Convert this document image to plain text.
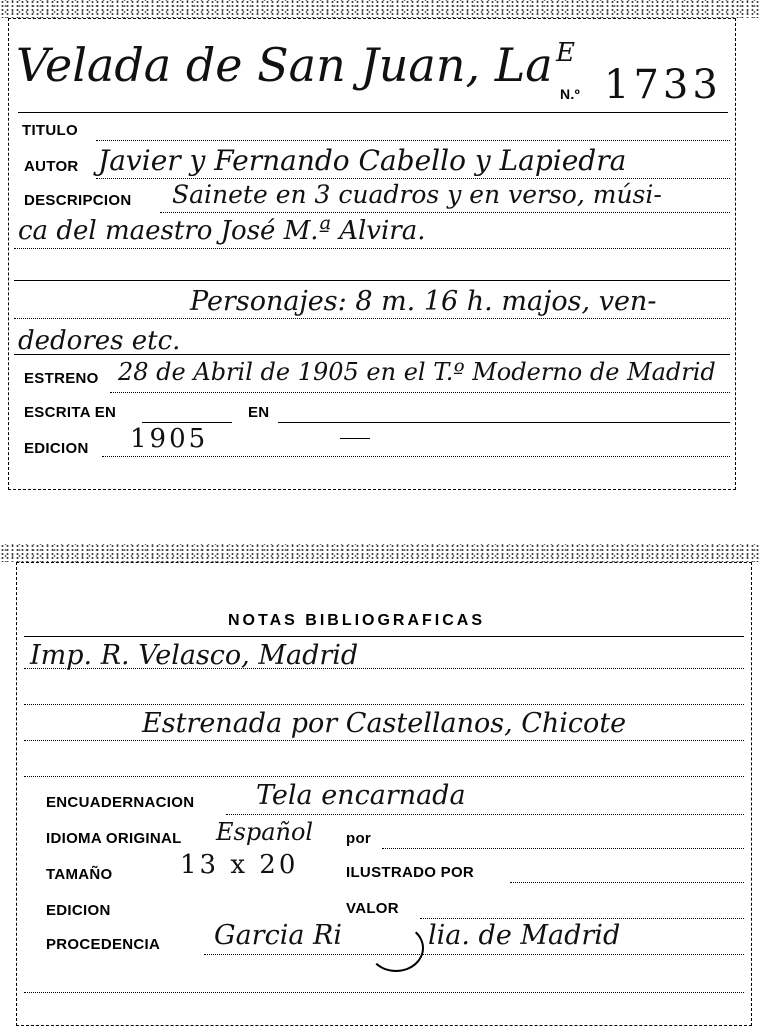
Velada de San Juan, La E
N.º 1733
TITULO
AUTOR Javier y Fernando Cabello y Lapiedra
DESCRIPCION Sainete en 3 cuadros y en verso, músi-
ca del maestro José M.ª Alvira.
Personajes: 8 m. 16 h. majos, ven-
dedores etc.
ESTRENO 28 de Abril de 1905 en el T.º Moderno de Madrid
ESCRITA EN	EN
EDICION 1905
NOTAS BIBLIOGRAFICAS
Imp. R. Velasco, Madrid
Estrenada por Castellanos, Chicote
ENCUADERNACION Tela encarnada
IDIOMA ORIGINAL Español por
TAMAÑO	13 x 20	ILUSTRADO POR
EDICION	VALOR
PROCEDENCIA Garcia Ri	lia. de Madrid
